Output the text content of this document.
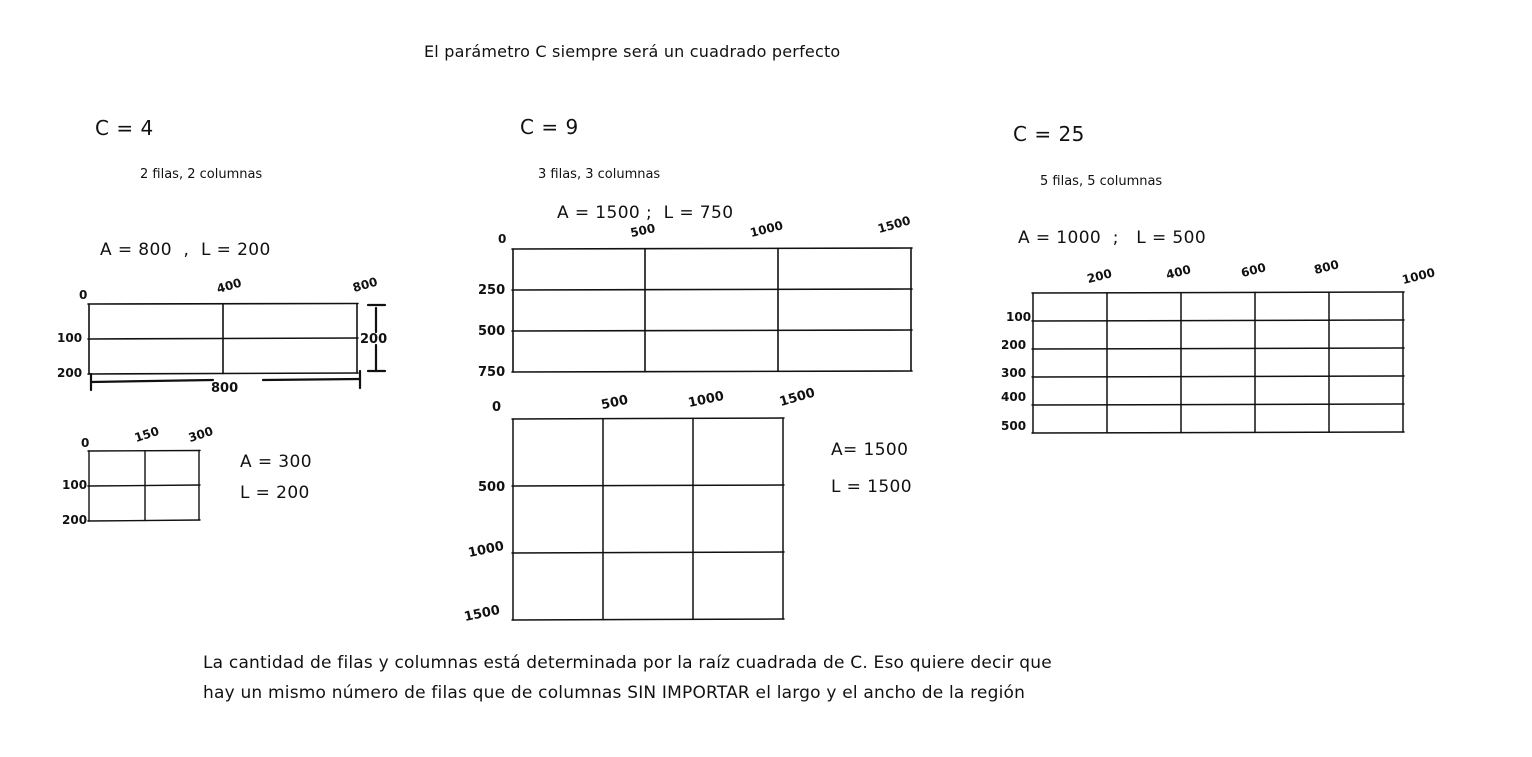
El parámetro C siempre será un cuadrado perfecto
C = 4
2 filas, 2 columnas
A = 800  ,  L = 200
0	400	800
100
200
800
200
0	150 300
100
200
A = 300
L = 200
C = 9
3 filas, 3 columnas
A = 1500 ;  L = 750
0	500	1000	1500
250
500
750
0	500	1000	1500
500
1000
1500
A= 1500
L = 1500
C = 25
5 filas, 5 columnas
A = 1000  ;   L = 500
100
200
300
400
500
200	400	600	800	1000
La cantidad de filas y columnas está determinada por la raíz cuadrada de C. Eso quiere decir que
hay un mismo número de filas que de columnas SIN IMPORTAR el largo y el ancho de la región
